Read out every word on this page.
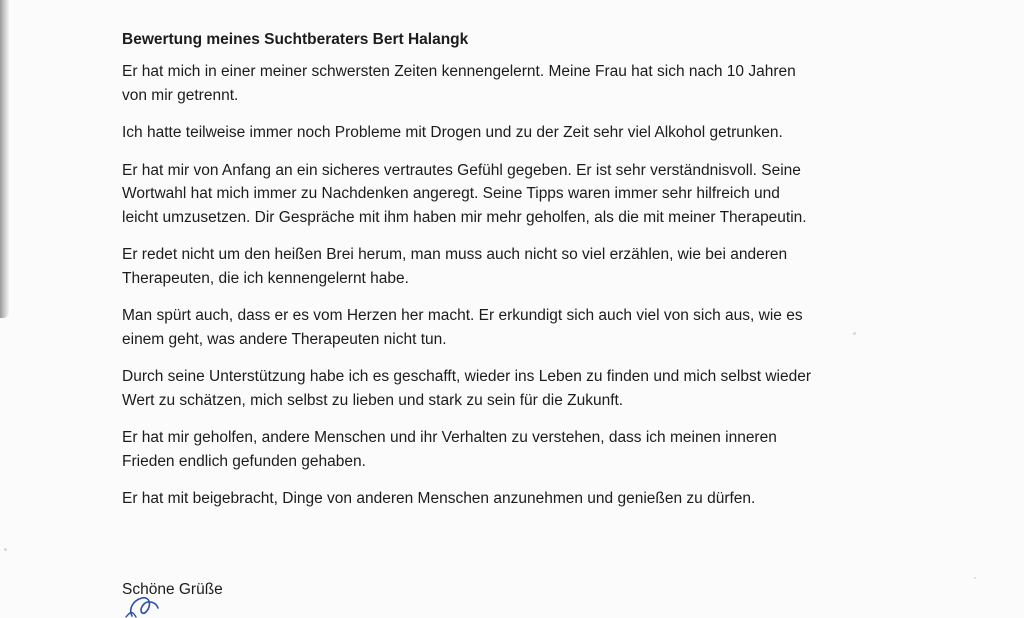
Bewertung meines Suchtberaters Bert Halangk

Er hat mich in einer meiner schwersten Zeiten kennengelernt. Meine Frau hat sich nach 10 Jahren
von mir getrennt.

Ich hatte teilweise immer noch Probleme mit Drogen und zu der Zeit sehr viel Alkohol getrunken.

Er hat mir von Anfang an ein sicheres vertrautes Gefühl gegeben. Er ist sehr verständnisvoll. Seine
Wortwahl hat mich immer zu Nachdenken angeregt. Seine Tipps waren immer sehr hilfreich und
leicht umzusetzen. Dir Gespräche mit ihm haben mir mehr geholfen, als die mit meiner Therapeutin.

Er redet nicht um den heißen Brei herum, man muss auch nicht so viel erzählen, wie bei anderen
Therapeuten, die ich kennengelernt habe.

Man spürt auch, dass er es vom Herzen her macht. Er erkundigt sich auch viel von sich aus, wie es
einem geht, was andere Therapeuten nicht tun.

Durch seine Unterstützung habe ich es geschafft, wieder ins Leben zu finden und mich selbst wieder
Wert zu schätzen, mich selbst zu lieben und stark zu sein für die Zukunft.

Er hat mir geholfen, andere Menschen und ihr Verhalten zu verstehen, dass ich meinen inneren
Frieden endlich gefunden gehaben.

Er hat mit beigebracht, Dinge von anderen Menschen anzunehmen und genießen zu dürfen.

Schöne Grüße
